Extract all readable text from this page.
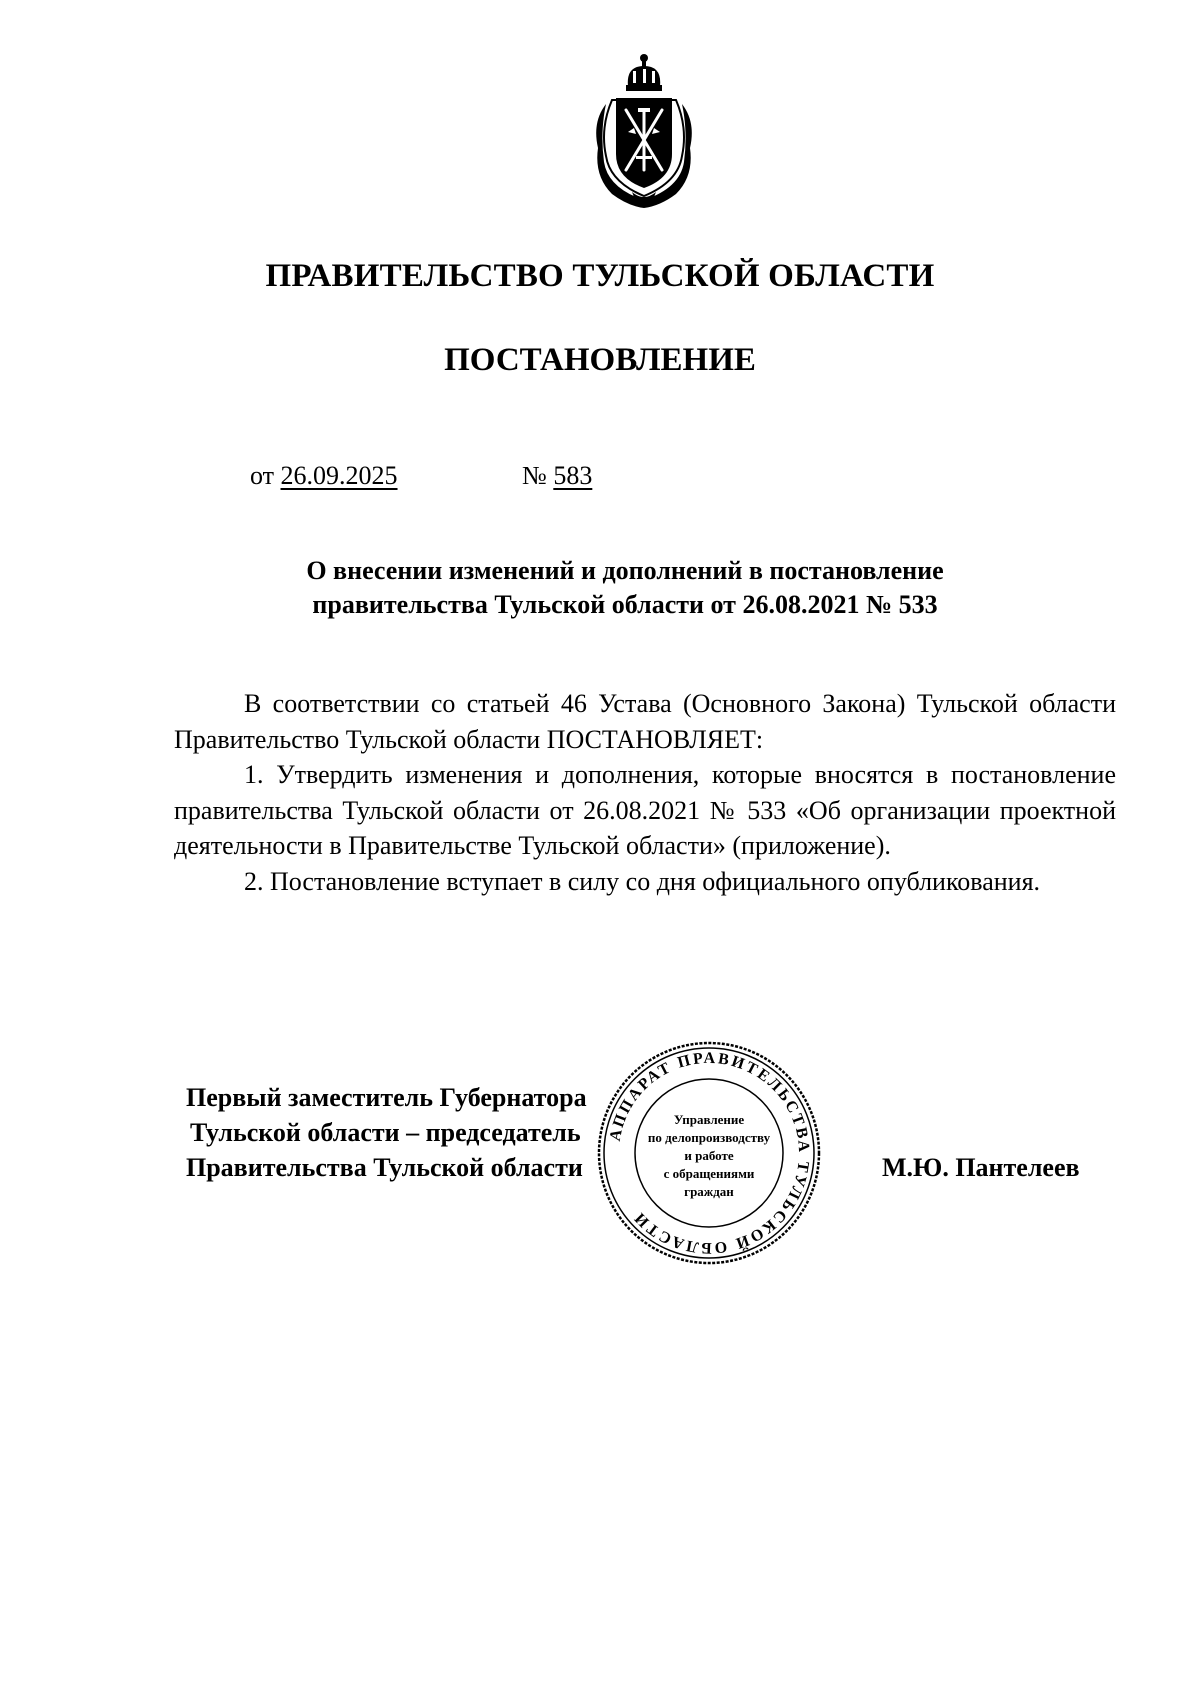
ПРАВИТЕЛЬСТВО ТУЛЬСКОЙ ОБЛАСТИ
ПОСТАНОВЛЕНИЕ
от 26.09.2025	№ 583
О внесении изменений и дополнений в постановление
правительства Тульской области от 26.08.2021 № 533

В соответствии со статьей 46 Устава (Основного Закона) Тульской области Правительство Тульской области ПОСТАНОВЛЯЕТ:

1. Утвердить изменения и дополнения, которые вносятся в постановление правительства Тульской области от 26.08.2021 № 533 «Об организации проектной деятельности в Правительстве Тульской области» (приложение).

2. Постановление вступает в силу со дня официального опубликования.

Первый заместитель Губернатора
Тульской области – председатель
Правительства Тульской области	М.Ю. Пантелеев
АППАРАТ ПРАВИТЕЛЬСТВА ТУЛЬСКОЙ ОБЛАСТИ
Управление
по делопроизводству
и работе
с обращениями
граждан
